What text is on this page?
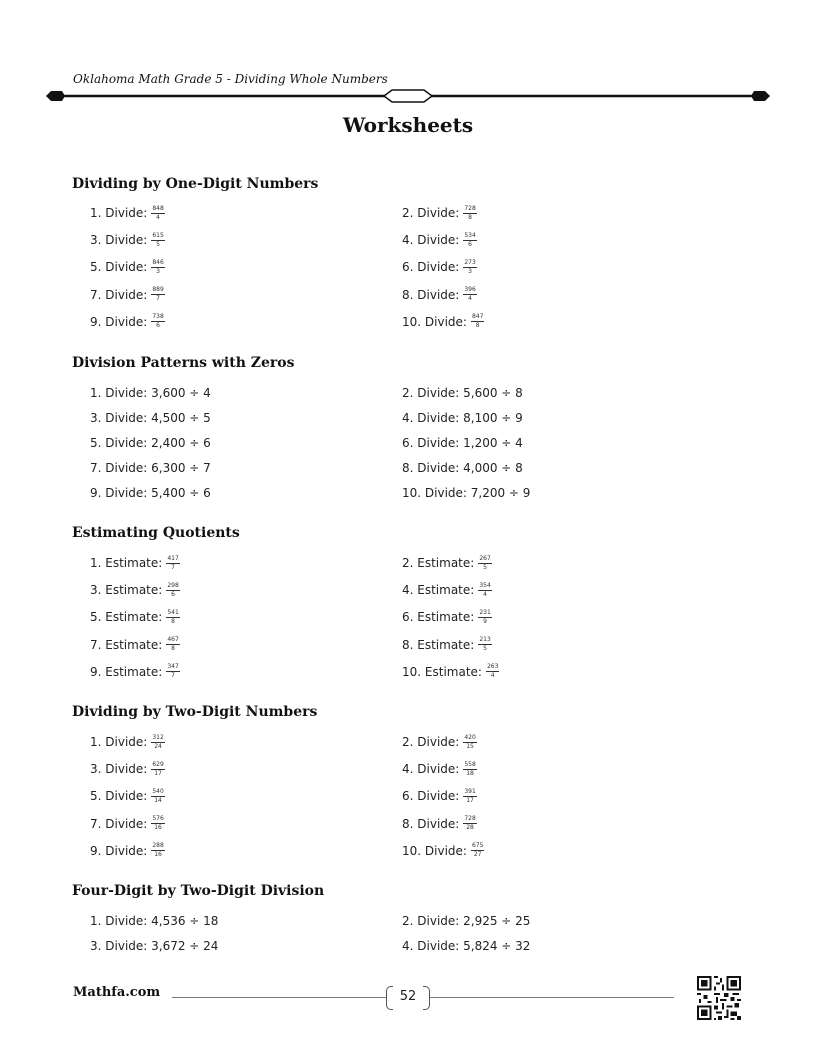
Oklahoma Math Grade 5 - Dividing Whole Numbers
Worksheets
Dividing by One-Digit Numbers
1. Divide: $\frac{848}{4}$	2. Divide: $\frac{728}{8}$
3. Divide: $\frac{615}{5}$	4. Divide: $\frac{534}{6}$
5. Divide: $\frac{846}{3}$	6. Divide: $\frac{273}{3}$
7. Divide: $\frac{889}{7}$	8. Divide: $\frac{396}{4}$
9. Divide: $\frac{738}{6}$	10. Divide: $\frac{847}{8}$
Division Patterns with Zeros
1. Divide: 3,600 ÷ 4	2. Divide: 5,600 ÷ 8
3. Divide: 4,500 ÷ 5	4. Divide: 8,100 ÷ 9
5. Divide: 2,400 ÷ 6	6. Divide: 1,200 ÷ 4
7. Divide: 6,300 ÷ 7	8. Divide: 4,000 ÷ 8
9. Divide: 5,400 ÷ 6	10. Divide: 7,200 ÷ 9
Estimating Quotients
1. Estimate: $\frac{417}{7}$	2. Estimate: $\frac{267}{5}$
3. Estimate: $\frac{298}{6}$	4. Estimate: $\frac{354}{4}$
5. Estimate: $\frac{541}{8}$	6. Estimate: $\frac{231}{9}$
7. Estimate: $\frac{467}{8}$	8. Estimate: $\frac{213}{5}$
9. Estimate: $\frac{347}{7}$	10. Estimate: $\frac{263}{4}$
Dividing by Two-Digit Numbers
1. Divide: $\frac{312}{24}$	2. Divide: $\frac{420}{15}$
3. Divide: $\frac{629}{17}$	4. Divide: $\frac{558}{18}$
5. Divide: $\frac{540}{14}$	6. Divide: $\frac{391}{17}$
7. Divide: $\frac{576}{16}$	8. Divide: $\frac{728}{28}$
9. Divide: $\frac{288}{16}$	10. Divide: $\frac{675}{27}$
Four-Digit by Two-Digit Division
1. Divide: 4,536 ÷ 18	2. Divide: 2,925 ÷ 25
3. Divide: 3,672 ÷ 24	4. Divide: 5,824 ÷ 32
Mathfa.com	52
